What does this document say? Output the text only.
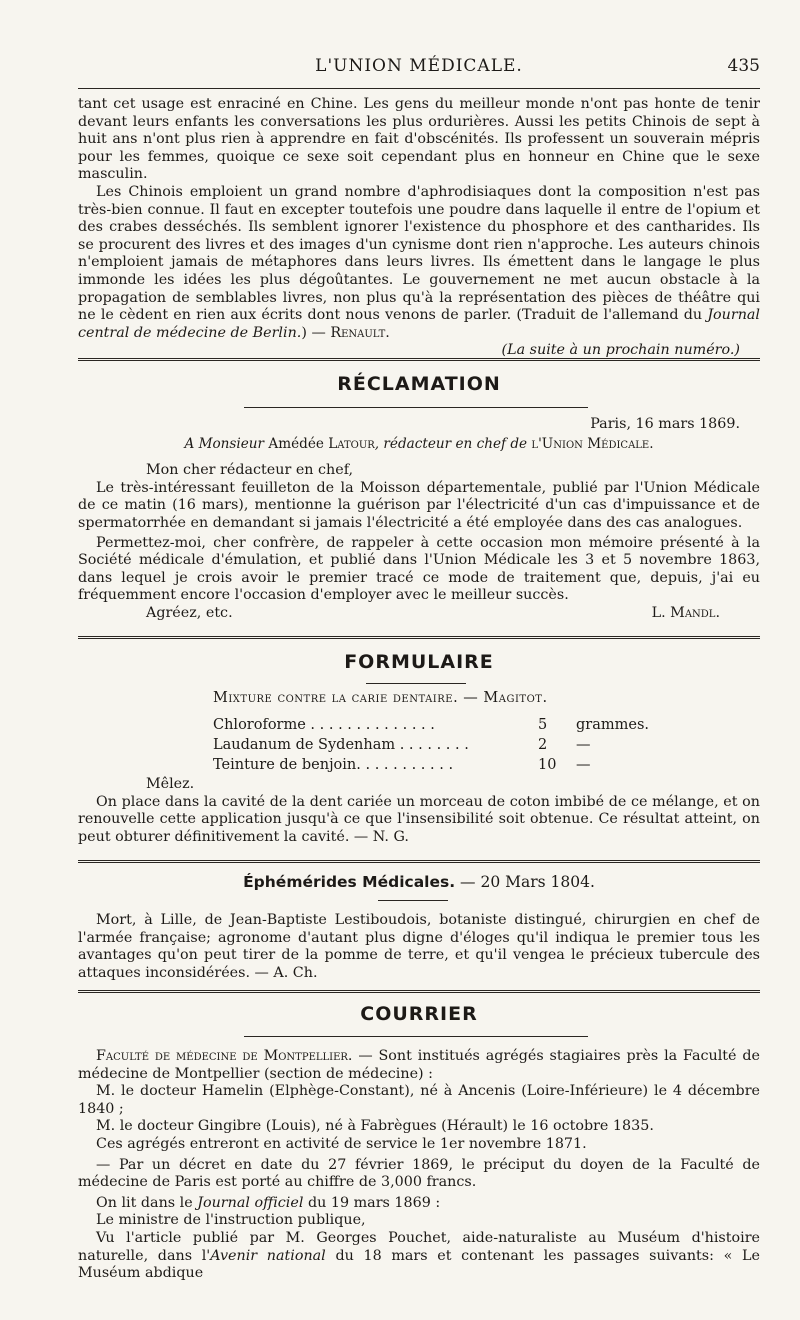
L'UNION MÉDICALE.	435

tant cet usage est enraciné en Chine. Les gens du meilleur monde n'ont pas honte de tenir devant leurs enfants les conversations les plus ordurières. Aussi les petits Chinois de sept à huit ans n'ont plus rien à apprendre en fait d'obscénités. Ils professent un souverain mépris pour les femmes, quoique ce sexe soit cependant plus en honneur en Chine que le sexe masculin.

Les Chinois emploient un grand nombre d'aphrodisiaques dont la composition n'est pas très-bien connue. Il faut en excepter toutefois une poudre dans laquelle il entre de l'opium et des crabes desséchés. Ils semblent ignorer l'existence du phosphore et des cantharides. Ils se procurent des livres et des images d'un cynisme dont rien n'approche. Les auteurs chinois n'emploient jamais de métaphores dans leurs livres. Ils émettent dans le langage le plus immonde les idées les plus dégoûtantes. Le gouvernement ne met aucun obstacle à la propagation de semblables livres, non plus qu'à la représentation des pièces de théâtre qui ne le cèdent en rien aux écrits dont nous venons de parler. (Traduit de l'allemand du Journal central de médecine de Berlin.) — Renault.

(La suite à un prochain numéro.)

RÉCLAMATION

Paris, 16 mars 1869.

A Monsieur Amédée Latour, rédacteur en chef de l'Union Médicale.

Mon cher rédacteur en chef,

Le très-intéressant feuilleton de la Moisson départementale, publié par l'Union Médicale de ce matin (16 mars), mentionne la guérison par l'électricité d'un cas d'impuissance et de spermatorrhée en demandant si jamais l'électricité a été employée dans des cas analogues.

Permettez-moi, cher confrère, de rappeler à cette occasion mon mémoire présenté à la Société médicale d'émulation, et publié dans l'Union Médicale les 3 et 5 novembre 1863, dans lequel je crois avoir le premier tracé ce mode de traitement que, depuis, j'ai eu fréquemment encore l'occasion d'employer avec le meilleur succès.

Agréez, etc.	L. Mandl.
FORMULAIRE
Mixture contre la carie dentaire. — Magitot.
Chloroforme . . . . . . . . . . . . . .	5 grammes.
Laudanum de Sydenham . . . . . . . .	2 —
Teinture de benjoin. . . . . . . . . . .	10 —

Mêlez.

On place dans la cavité de la dent cariée un morceau de coton imbibé de ce mélange, et on renouvelle cette application jusqu'à ce que l'insensibilité soit obtenue. Ce résultat atteint, on peut obturer définitivement la cavité. — N. G.

Éphémérides Médicales. — 20 Mars 1804.

Mort, à Lille, de Jean-Baptiste Lestiboudois, botaniste distingué, chirurgien en chef de l'armée française; agronome d'autant plus digne d'éloges qu'il indiqua le premier tous les avantages qu'on peut tirer de la pomme de terre, et qu'il vengea le précieux tubercule des attaques inconsidérées. — A. Ch.

COURRIER

Faculté de médecine de Montpellier. — Sont institués agrégés stagiaires près la Faculté de médecine de Montpellier (section de médecine) :

M. le docteur Hamelin (Elphège-Constant), né à Ancenis (Loire-Inférieure) le 4 décembre 1840 ;

M. le docteur Gingibre (Louis), né à Fabrègues (Hérault) le 16 octobre 1835.

Ces agrégés entreront en activité de service le 1er novembre 1871.

— Par un décret en date du 27 février 1869, le préciput du doyen de la Faculté de médecine de Paris est porté au chiffre de 3,000 francs.

On lit dans le Journal officiel du 19 mars 1869 :

Le ministre de l'instruction publique,

Vu l'article publié par M. Georges Pouchet, aide-naturaliste au Muséum d'histoire naturelle, dans l'Avenir national du 18 mars et contenant les passages suivants: « Le Muséum abdique
